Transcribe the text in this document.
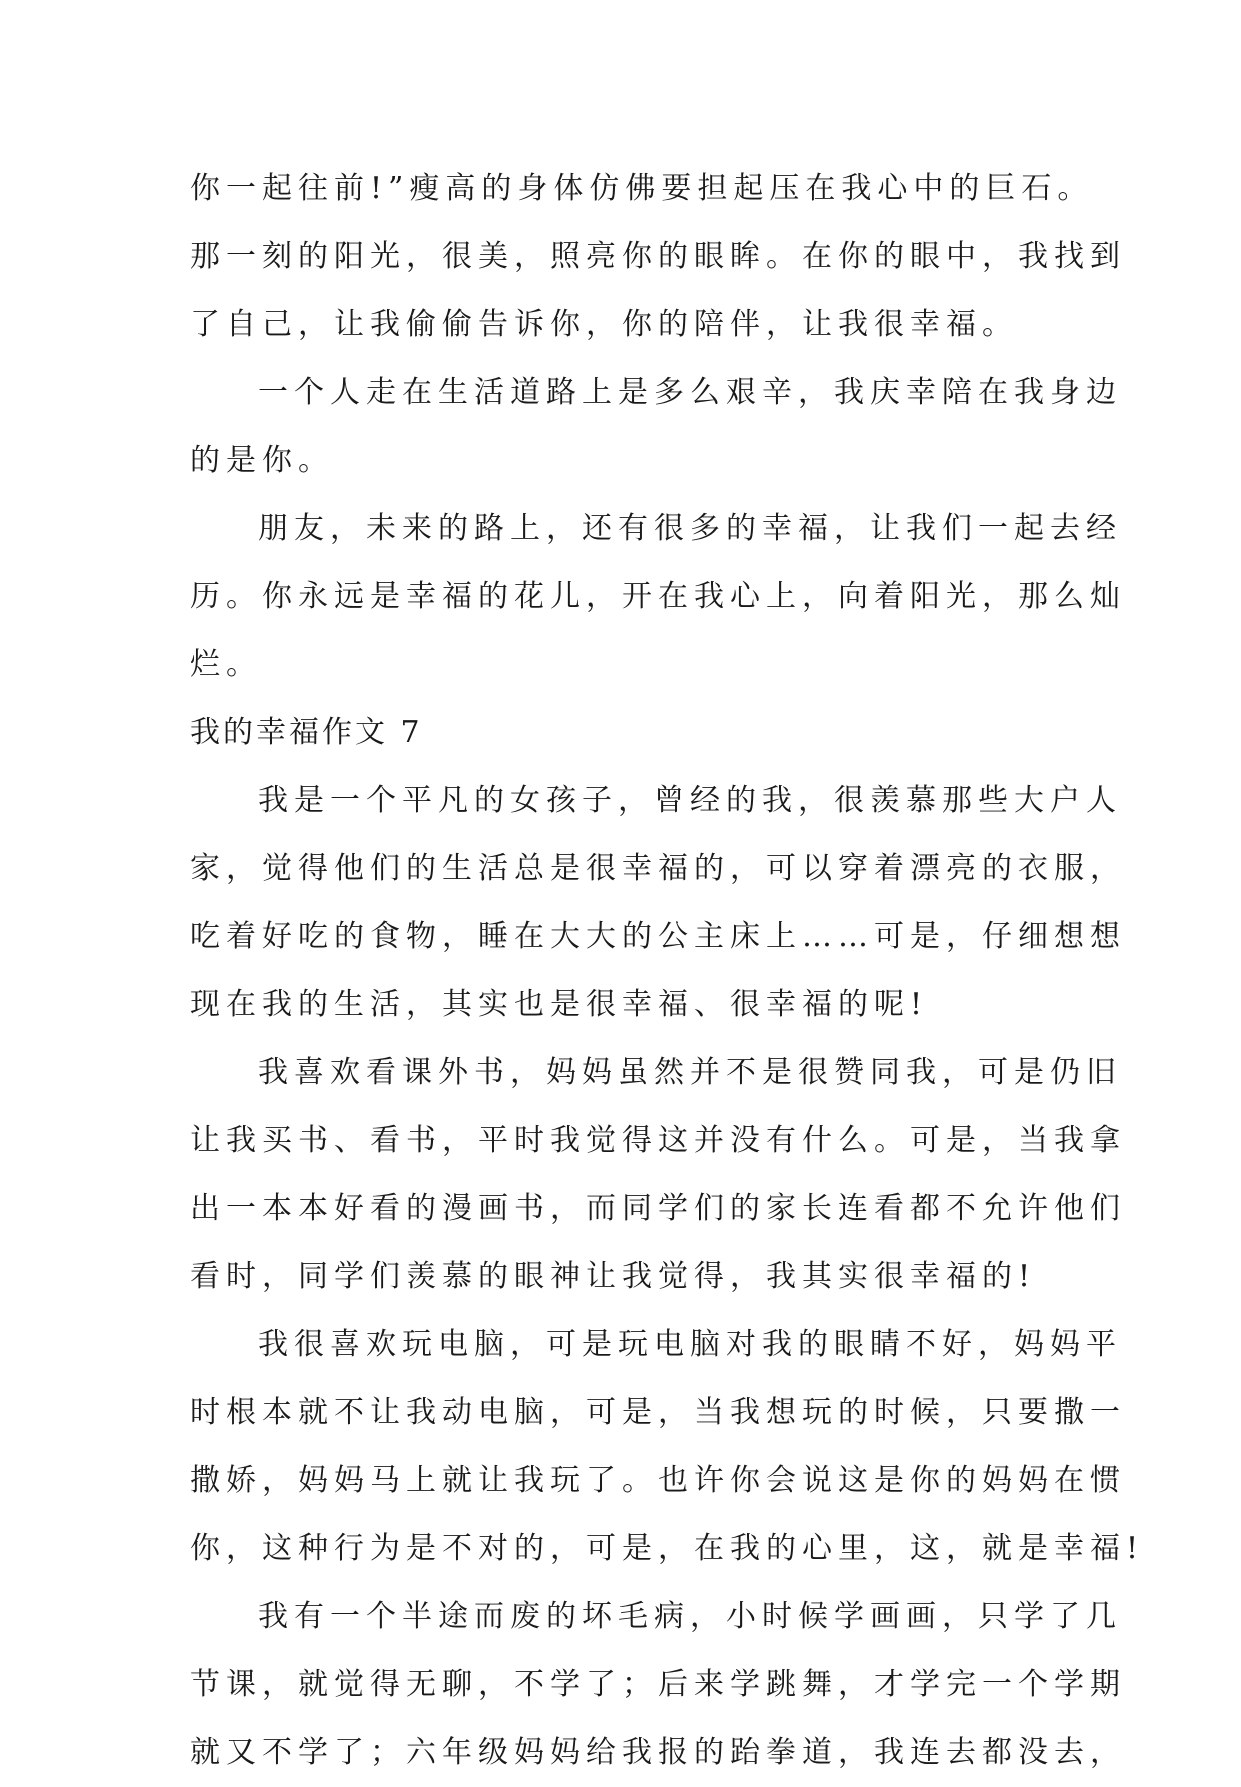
你一起往前!”瘦高的身体仿佛要担起压在我心中的巨石。
那一刻的阳光，很美，照亮你的眼眸。在你的眼中，我找到
了自己，让我偷偷告诉你，你的陪伴，让我很幸福。
一个人走在生活道路上是多么艰辛，我庆幸陪在我身边
的是你。
朋友，未来的路上，还有很多的幸福，让我们一起去经
历。你永远是幸福的花儿，开在我心上，向着阳光，那么灿
烂。
我的幸福作文 7
我是一个平凡的女孩子，曾经的我，很羡慕那些大户人
家，觉得他们的生活总是很幸福的，可以穿着漂亮的衣服，
吃着好吃的食物，睡在大大的公主床上……可是，仔细想想
现在我的生活，其实也是很幸福、很幸福的呢!
我喜欢看课外书，妈妈虽然并不是很赞同我，可是仍旧
让我买书、看书，平时我觉得这并没有什么。可是，当我拿
出一本本好看的漫画书，而同学们的家长连看都不允许他们
看时，同学们羡慕的眼神让我觉得，我其实很幸福的!
我很喜欢玩电脑，可是玩电脑对我的眼睛不好，妈妈平
时根本就不让我动电脑，可是，当我想玩的时候，只要撒一
撒娇，妈妈马上就让我玩了。也许你会说这是你的妈妈在惯
你，这种行为是不对的，可是，在我的心里，这，就是幸福!
我有一个半途而废的坏毛病，小时候学画画，只学了几
节课，就觉得无聊，不学了；后来学跳舞，才学完一个学期
就又不学了；六年级妈妈给我报的跆拳道，我连去都没去，
